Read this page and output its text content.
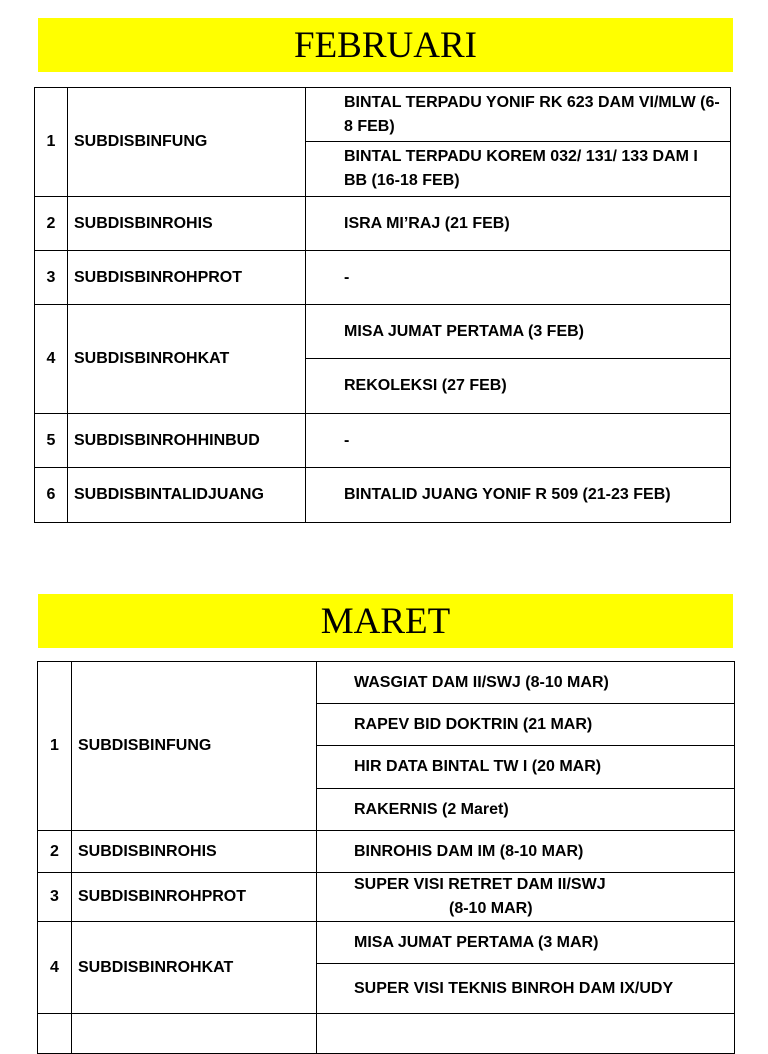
FEBRUARI
1	SUBDISBINFUNG	BINTAL TERPADU YONIF RK 623 DAM VI/MLW (6-8 FEB)
		BINTAL TERPADU KOREM 032/ 131/ 133 DAM I BB (16-18 FEB)
2	SUBDISBINROHIS	ISRA MI’RAJ (21 FEB)
3	SUBDISBINROHPROT	-
4	SUBDISBINROHKAT	MISA JUMAT PERTAMA (3 FEB)
		REKOLEKSI (27 FEB)
5	SUBDISBINROHHINBUD	-
6	SUBDISBINTALIDJUANG	BINTALID JUANG YONIF R 509 (21-23 FEB)
MARET
1	SUBDISBINFUNG	WASGIAT DAM II/SWJ (8-10 MAR)
		RAPEV BID DOKTRIN (21 MAR)
		HIR DATA BINTAL TW I (20 MAR)
		RAKERNIS (2 Maret)
2	SUBDISBINROHIS	BINROHIS DAM IM (8-10 MAR)
3	SUBDISBINROHPROT	SUPER VISI RETRET DAM II/SWJ
(8-10 MAR)
4	SUBDISBINROHKAT	MISA JUMAT PERTAMA (3 MAR)
		SUPER VISI TEKNIS BINROH DAM IX/UDY
